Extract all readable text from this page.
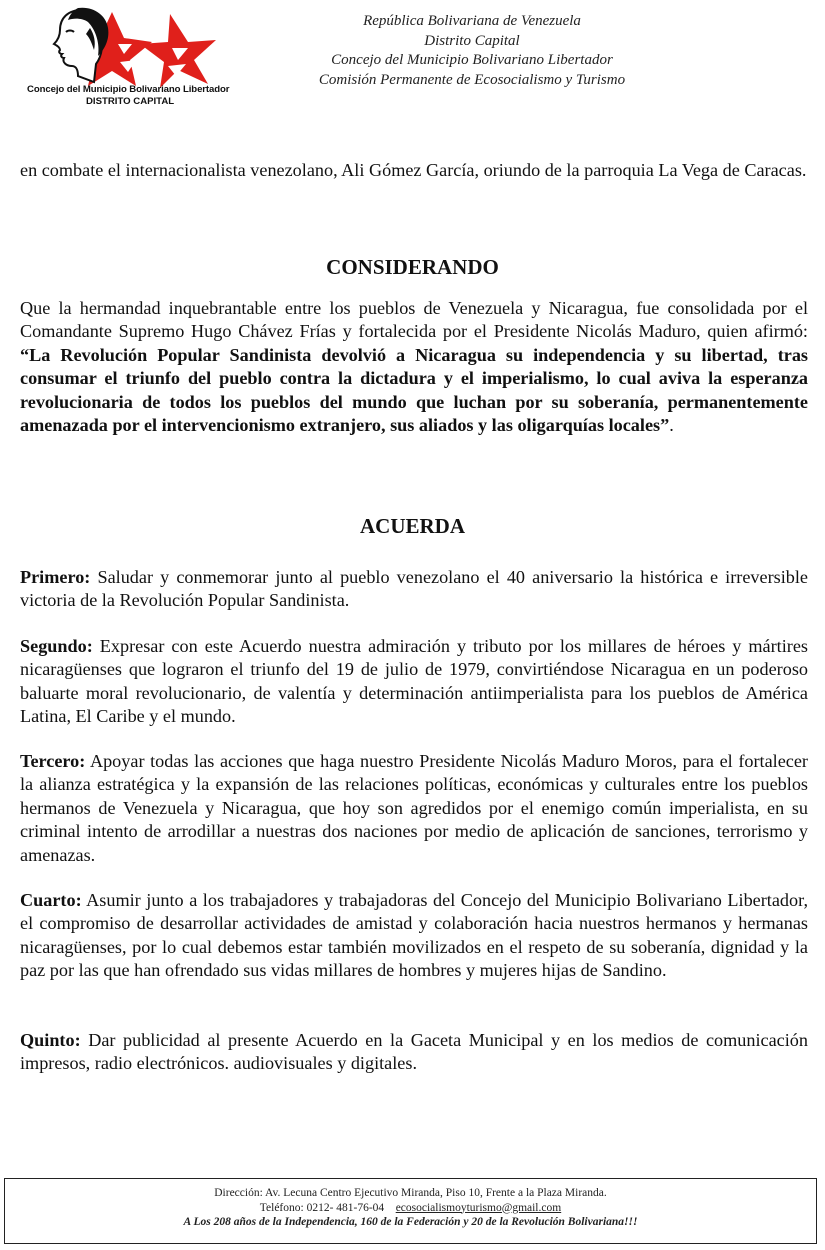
Concejo del Municipio Bolivariano Libertador
DISTRITO CAPITAL
República Bolivariana de Venezuela
Distrito Capital
Concejo del Municipio Bolivariano Libertador
Comisión Permanente de Ecosocialismo y Turismo

en combate el internacionalista venezolano, Ali Gómez García, oriundo de la parroquia La Vega de Caracas.

CONSIDERANDO

Que la hermandad inquebrantable entre los pueblos de Venezuela y Nicaragua, fue consolidada por el Comandante Supremo Hugo Chávez Frías y fortalecida por el Presidente Nicolás Maduro, quien afirmó: “La Revolución Popular Sandinista devolvió a Nicaragua su independencia y su libertad, tras consumar el triunfo del pueblo contra la dictadura y el imperialismo, lo cual aviva la esperanza revolucionaria de todos los pueblos del mundo que luchan por su soberanía, permanentemente amenazada por el intervencionismo extranjero, sus aliados y las oligarquías locales”.

ACUERDA

Primero: Saludar y conmemorar junto al pueblo venezolano el 40 aniversario la histórica e irreversible victoria de la Revolución Popular Sandinista.

Segundo: Expresar con este Acuerdo nuestra admiración y tributo por los millares de héroes y mártires nicaragüenses que lograron el triunfo del 19 de julio de 1979, convirtiéndose Nicaragua en un poderoso baluarte moral revolucionario, de valentía y determinación antiimperialista para los pueblos de América Latina, El Caribe y el mundo.

Tercero: Apoyar todas las acciones que haga nuestro Presidente Nicolás Maduro Moros, para el fortalecer la alianza estratégica y la expansión de las relaciones políticas, económicas y culturales entre los pueblos hermanos de Venezuela y Nicaragua, que hoy son agredidos por el enemigo común imperialista, en su criminal intento de arrodillar a nuestras dos naciones por medio de aplicación de sanciones, terrorismo y amenazas.

Cuarto: Asumir junto a los trabajadores y trabajadoras del Concejo del Municipio Bolivariano Libertador, el compromiso de desarrollar actividades de amistad y colaboración hacia nuestros hermanos y hermanas nicaragüenses, por lo cual debemos estar también movilizados en el respeto de su soberanía, dignidad y la paz por las que han ofrendado sus vidas millares de hombres y mujeres hijas de Sandino.

Quinto: Dar publicidad al presente Acuerdo en la Gaceta Municipal y en los medios de comunicación impresos, radio electrónicos. audiovisuales y digitales.

Dirección: Av. Lecuna Centro Ejecutivo Miranda, Piso 10, Frente a la Plaza Miranda.
Teléfono: 0212- 481-76-04 ecosocialismoyturismo@gmail.com
A Los 208 años de la Independencia, 160 de la Federación y 20 de la Revolución Bolivariana!!!
